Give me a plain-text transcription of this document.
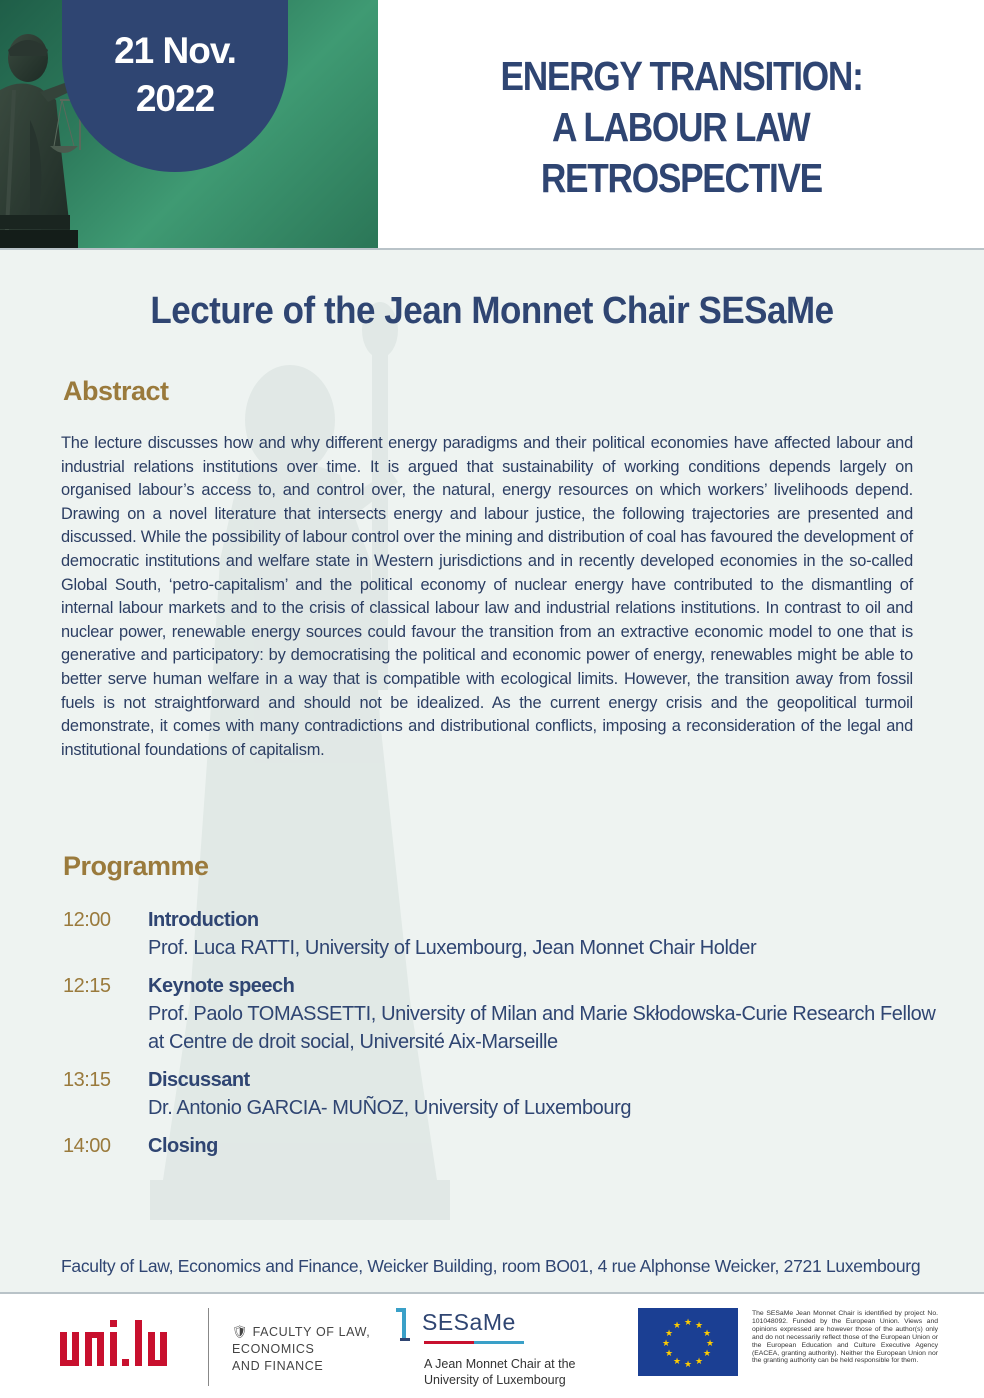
21 Nov.
2022	ENERGY TRANSITION:
A LABOUR LAW
RETROSPECTIVE
Lecture of the Jean Monnet Chair SESaMe
Abstract
The lecture discusses how and why different energy paradigms and their political economies have affected labour and industrial relations institutions over time. It is argued that sustainability of working conditions depends largely on organised labour’s access to, and control over, the natural, energy resources on which workers’ livelihoods depend. Drawing on a novel literature that intersects energy and labour justice, the following trajectories are presented and discussed. While the possibility of labour control over the mining and distribution of coal has favoured the development of democratic institutions and welfare state in Western jurisdictions and in recently developed economies in the so-called Global South, ‘petro-capitalism’ and the political economy of nuclear energy have contributed to the dismantling of internal labour markets and to the crisis of classical labour law and industrial relations institutions. In contrast to oil and nuclear power, renewable energy sources could favour the transition from an extractive economic model to one that is generative and participatory: by democratising the political and economic power of energy, renewables might be able to better serve human welfare in a way that is compatible with ecological limits. However, the transition away from fossil fuels is not straightforward and should not be idealized. As the current energy crisis and the geopolitical turmoil demonstrate, it comes with many contradictions and distributional conflicts, imposing a reconsideration of the legal and institutional foundations of capitalism.
Programme
12:00	Introduction
Prof. Luca RATTI, University of Luxembourg, Jean Monnet Chair Holder
12:15	Keynote speech
Prof. Paolo TOMASSETTI, University of Milan and Marie Skłodowska-Curie Research Fellow at Centre de droit social, Université Aix-Marseille
13:15	Discussant
Dr. Antonio GARCIA- MUÑOZ, University of Luxembourg
14:00	Closing
Faculty of Law, Economics and Finance, Weicker Building, room BO01, 4 rue Alphonse Weicker, 2721 Luxembourg
uni.lu
🛡︎ FACULTY OF LAW,
ECONOMICS
AND FINANCE
SESaMe
A Jean Monnet Chair at the
University of Luxembourg
★ ★
★
★
★
★
★
★
★
★
★
★
The SESaMe Jean Monnet Chair is identified by project No. 101048092. Funded by the European Union. Views and opinions expressed are however those of the author(s) only and do not necessarily reflect those of the European Union or the European Education and Culture Executive Agency (EACEA, granting authority). Neither the European Union nor the granting authority can be held responsible for them.
